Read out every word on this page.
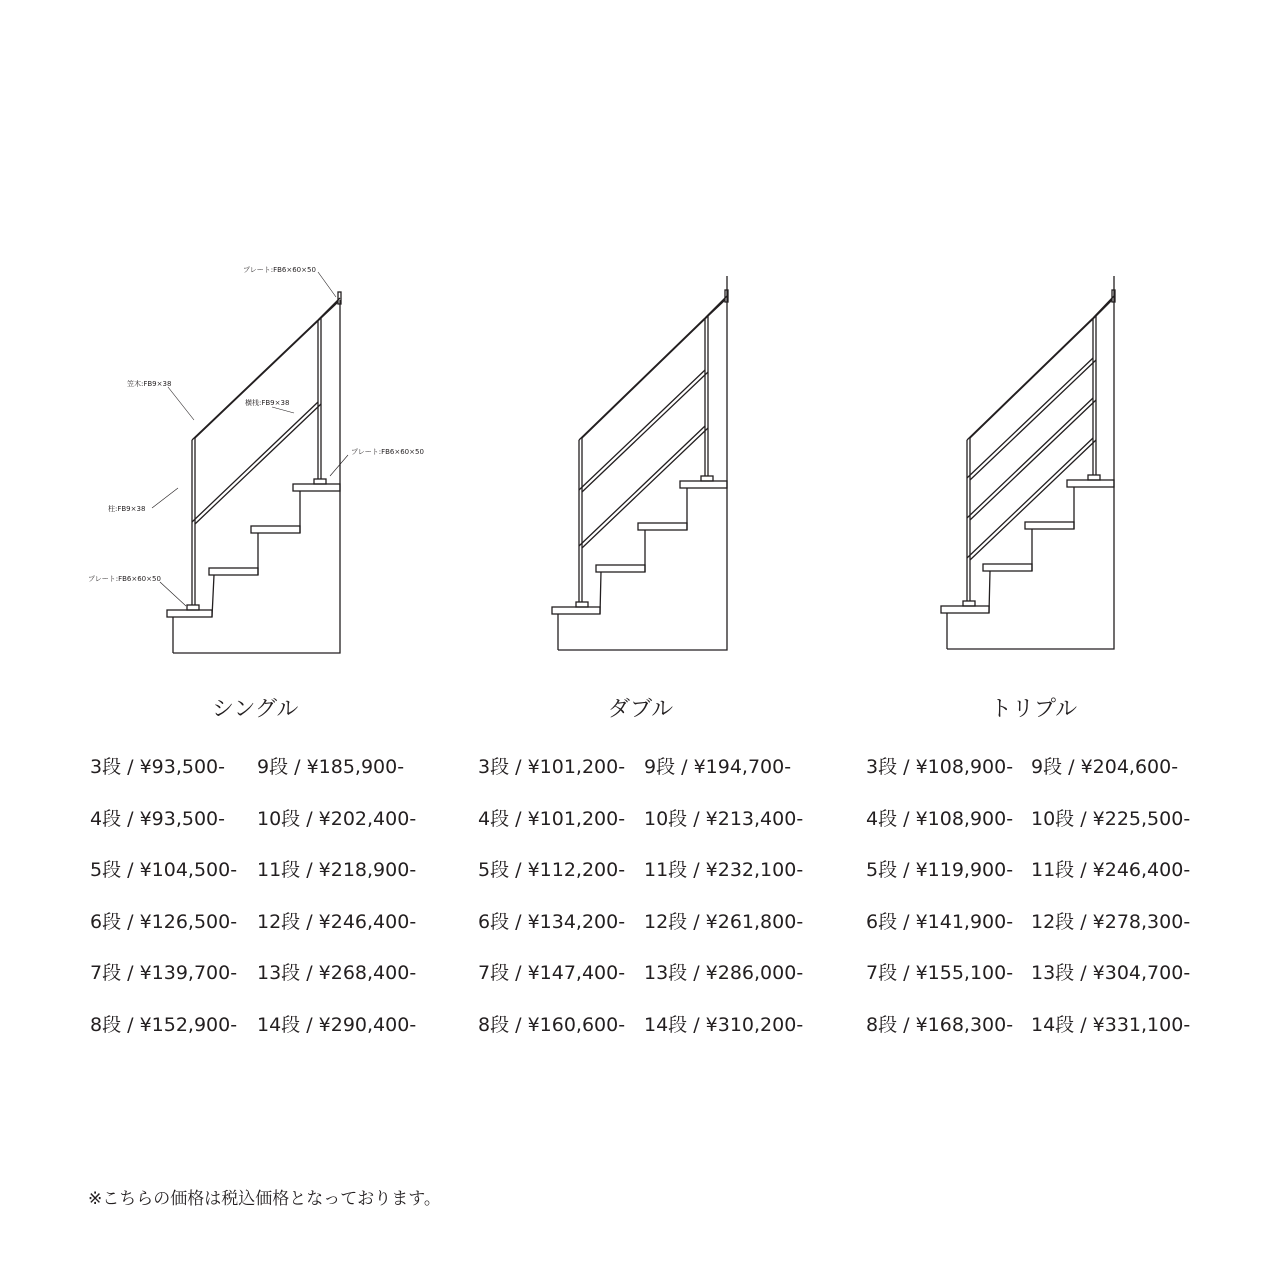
プレート:FB6×60×50
笠木:FB9×38
横桟:FB9×38
プレート:FB6×60×50
柱:FB9×38
プレート:FB6×60×50
シングル	ダブル	トリプル
3段 / ¥93,500-
4段 / ¥93,500-
5段 / ¥104,500-
6段 / ¥126,500-
7段 / ¥139,700-
8段 / ¥152,900-
9段 / ¥185,900-
10段 / ¥202,400-
11段 / ¥218,900-
12段 / ¥246,400-
13段 / ¥268,400-
14段 / ¥290,400-
3段 / ¥101,200-
4段 / ¥101,200-
5段 / ¥112,200-
6段 / ¥134,200-
7段 / ¥147,400-
8段 / ¥160,600-
9段 / ¥194,700-
10段 / ¥213,400-
11段 / ¥232,100-
12段 / ¥261,800-
13段 / ¥286,000-
14段 / ¥310,200-
3段 / ¥108,900-
4段 / ¥108,900-
5段 / ¥119,900-
6段 / ¥141,900-
7段 / ¥155,100-
8段 / ¥168,300-
9段 / ¥204,600-
10段 / ¥225,500-
11段 / ¥246,400-
12段 / ¥278,300-
13段 / ¥304,700-
14段 / ¥331,100-
※こちらの価格は税込価格となっております。
